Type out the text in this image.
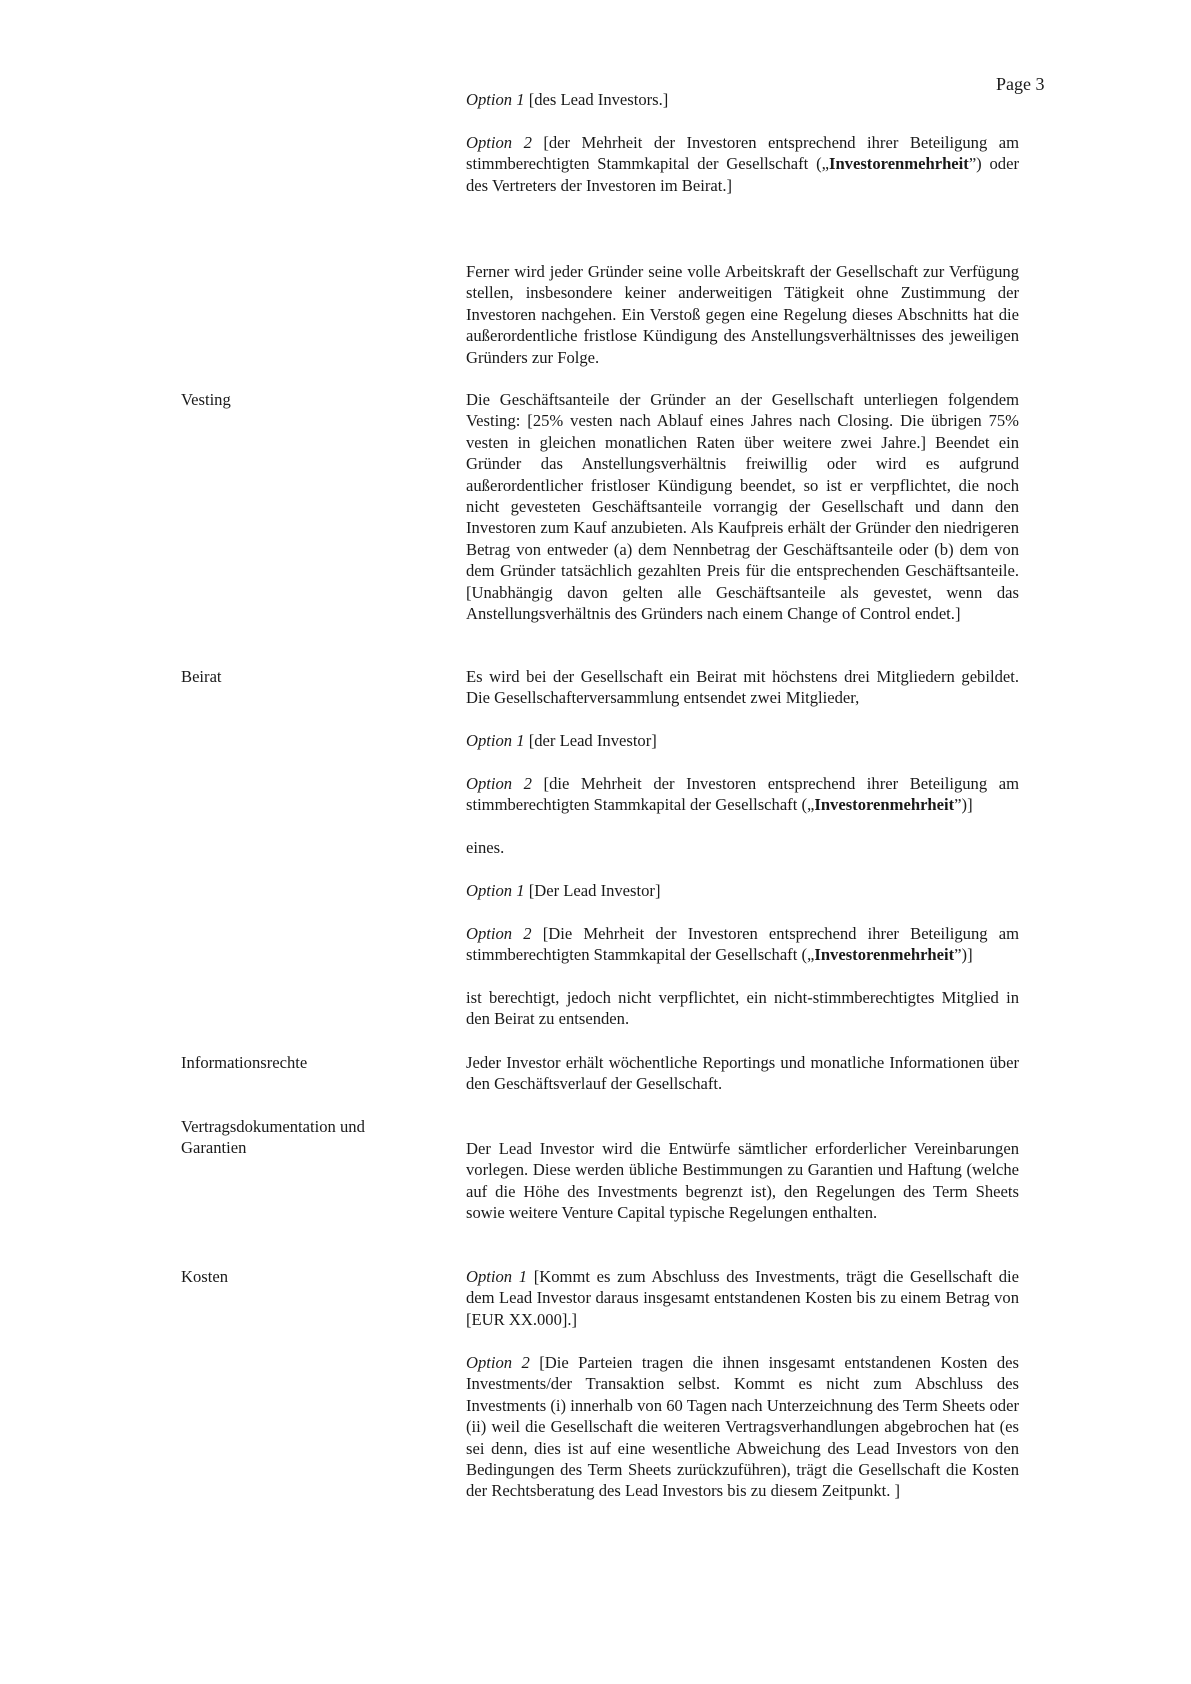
Page 3

Option 1 [des Lead Investors.]

Option 2 [der Mehrheit der Investoren entsprechend ihrer Beteiligung am stimmberechtigten Stammkapital der Gesellschaft („Investorenmehrheit”) oder des Vertreters der Investoren im Beirat.]

Ferner wird jeder Gründer seine volle Arbeitskraft der Gesellschaft zur Verfügung stellen, insbesondere keiner anderweitigen Tätigkeit ohne Zustimmung der Investoren nachgehen. Ein Verstoß gegen eine Regelung dieses Abschnitts hat die außerordentliche fristlose Kündigung des Anstellungsverhältnisses des jeweiligen Gründers zur Folge.

Vesting	Die Geschäftsanteile der Gründer an der Gesellschaft unterliegen folgendem Vesting: [25% vesten nach Ablauf eines Jahres nach Closing. Die übrigen 75% vesten in gleichen monatlichen Raten über weitere zwei Jahre.] Beendet ein Gründer das Anstellungsverhältnis freiwillig oder wird es aufgrund außerordentlicher fristloser Kündigung beendet, so ist er verpflichtet, die noch nicht gevesteten Geschäftsanteile vorrangig der Gesellschaft und dann den Investoren zum Kauf anzubieten. Als Kaufpreis erhält der Gründer den niedrigeren Betrag von entweder (a) dem Nennbetrag der Geschäftsanteile oder (b) dem von dem Gründer tatsächlich gezahlten Preis für die entsprechenden Geschäftsanteile. [Unabhängig davon gelten alle Geschäftsanteile als gevestet, wenn das Anstellungsverhältnis des Gründers nach einem Change of Control endet.]

Beirat	Es wird bei der Gesellschaft ein Beirat mit höchstens drei Mitgliedern gebildet. Die Gesellschafterversammlung entsendet zwei Mitglieder,

Option 1 [der Lead Investor]

Option 2 [die Mehrheit der Investoren entsprechend ihrer Beteiligung am stimmberechtigten Stammkapital der Gesellschaft („Investorenmehrheit”)]

eines.

Option 1 [Der Lead Investor]

Option 2 [Die Mehrheit der Investoren entsprechend ihrer Beteiligung am stimmberechtigten Stammkapital der Gesellschaft („Investorenmehrheit”)]

ist berechtigt, jedoch nicht verpflichtet, ein nicht-stimmberechtigtes Mitglied in den Beirat zu entsenden.

Informationsrechte	Jeder Investor erhält wöchentliche Reportings und monatliche Informationen über den Geschäftsverlauf der Gesellschaft.

Vertragsdokumentation und Garantien	Der Lead Investor wird die Entwürfe sämtlicher erforderlicher Vereinbarungen vorlegen. Diese werden übliche Bestimmungen zu Garantien und Haftung (welche auf die Höhe des Investments begrenzt ist), den Regelungen des Term Sheets sowie weitere Venture Capital typische Regelungen enthalten.

Kosten	Option 1 [Kommt es zum Abschluss des Investments, trägt die Gesellschaft die dem Lead Investor daraus insgesamt entstandenen Kosten bis zu einem Betrag von [EUR XX.000].]

Option 2 [Die Parteien tragen die ihnen insgesamt entstandenen Kosten des Investments/der Transaktion selbst. Kommt es nicht zum Abschluss des Investments (i) innerhalb von 60 Tagen nach Unterzeichnung des Term Sheets oder (ii) weil die Gesellschaft die weiteren Vertragsverhandlungen abgebrochen hat (es sei denn, dies ist auf eine wesentliche Abweichung des Lead Investors von den Bedingungen des Term Sheets zurückzuführen), trägt die Gesellschaft die Kosten der Rechtsberatung des Lead Investors bis zu diesem Zeitpunkt. ]
